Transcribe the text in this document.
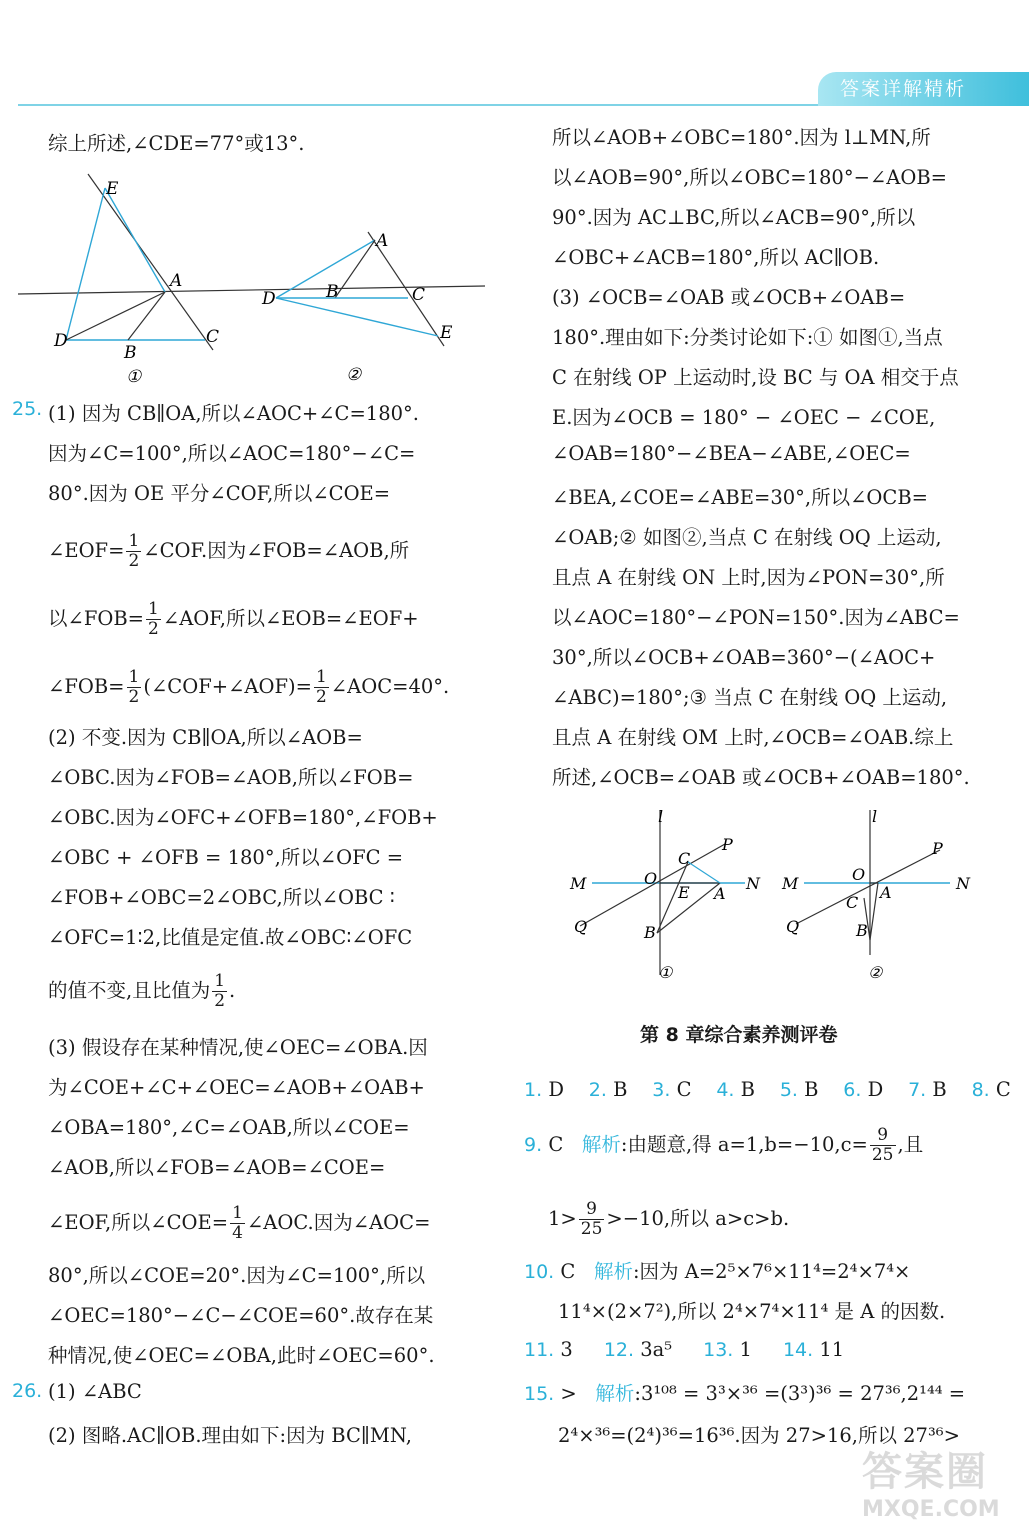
答案详解精析
综上所述,∠CDE=77°或13°.
E
A
D
B
C
①
A
D	B	C
E
②
25. (1) 因为 CB∥OA,所以∠AOC+∠C=180°.
因为∠C=100°,所以∠AOC=180°−∠C=
80°.因为 OE 平分∠COF,所以∠COE=
∠EOF= $\frac{1}{2}$ ∠COF.因为∠FOB=∠AOB,所
以∠FOB= $\frac{1}{2}$ ∠AOF,所以∠EOB=∠EOF+
∠FOB= $\frac{1}{2}$ (∠COF+∠AOF)= $\frac{1}{2}$ ∠AOC=40°.
(2) 不变.因为 CB∥OA,所以∠AOB=
∠OBC.因为∠FOB=∠AOB,所以∠FOB=
∠OBC.因为∠OFC+∠OFB=180°,∠FOB+
∠OBC + ∠OFB = 180°,所以∠OFC =
∠FOB+∠OBC=2∠OBC,所以∠OBC ∶
∠OFC=1∶2,比值是定值.故∠OBC∶∠OFC
的值不变,且比值为 $\frac{1}{2}$ .
(3) 假设存在某种情况,使∠OEC=∠OBA.因
为∠COE+∠C+∠OEC=∠AOB+∠OAB+
∠OBA=180°,∠C=∠OAB,所以∠COE=
∠AOB,所以∠FOB=∠AOB=∠COE=
∠EOF,所以∠COE= $\frac{1}{4}$ ∠AOC.因为∠AOC=
80°,所以∠COE=20°.因为∠C=100°,所以
∠OEC=180°−∠C−∠COE=60°.故存在某
种情况,使∠OEC=∠OBA,此时∠OEC=60°.
26. (1) ∠ABC
(2) 图略.AC∥OB.理由如下:因为 BC∥MN,
所以∠AOB+∠OBC=180°.因为 l⊥MN,所
以∠AOB=90°,所以∠OBC=180°−∠AOB=
90°.因为 AC⊥BC,所以∠ACB=90°,所以
∠OBC+∠ACB=180°,所以 AC∥OB.
(3) ∠OCB=∠OAB 或∠OCB+∠OAB=
180°.理由如下:分类讨论如下:① 如图①,当点
C 在射线 OP 上运动时,设 BC 与 OA 相交于点
E.因为∠OCB = 180° − ∠OEC − ∠COE,
∠OAB=180°−∠BEA−∠ABE,∠OEC=
∠BEA,∠COE=∠ABE=30°,所以∠OCB=
∠OAB;② 如图②,当点 C 在射线 OQ 上运动,
且点 A 在射线 ON 上时,因为∠PON=30°,所
以∠AOC=180°−∠PON=150°.因为∠ABC=
30°,所以∠OCB+∠OAB=360°−(∠AOC+
∠ABC)=180°;③ 当点 C 在射线 OQ 上运动,
且点 A 在射线 OM 上时,∠OCB=∠OAB.综上
所述,∠OCB=∠OAB 或∠OCB+∠OAB=180°.
l
P
M	O
C
E A
N
Q	B
①
l
P
M	O
A	N
C
Q	B
②
第 8 章综合素养测评卷
1. D 2. B 3. C 4. B 5. B 6. D 7. B 8. C
9. C 解析:由题意,得 $a=1,b=-10,c= \frac{9}{25}$ ,且
$1> \frac{9}{25} >-10$,所以 a>c>b.
10. C 解析:因为 A=2⁵×7⁶×11⁴=2⁴×7⁴×
11⁴×(2×7²),所以 2⁴×7⁴×11⁴ 是 A 的因数.
11. 3 12. 3a⁵ 13. 1 14. 11
15. > 解析:3¹⁰⁸ = 3³×³⁶ =(3³)³⁶ = 27³⁶,2¹⁴⁴ =
2⁴×³⁶=(2⁴)³⁶=16³⁶.因为 27>16,所以 27³⁶>
答案圈
MXQE.COM
